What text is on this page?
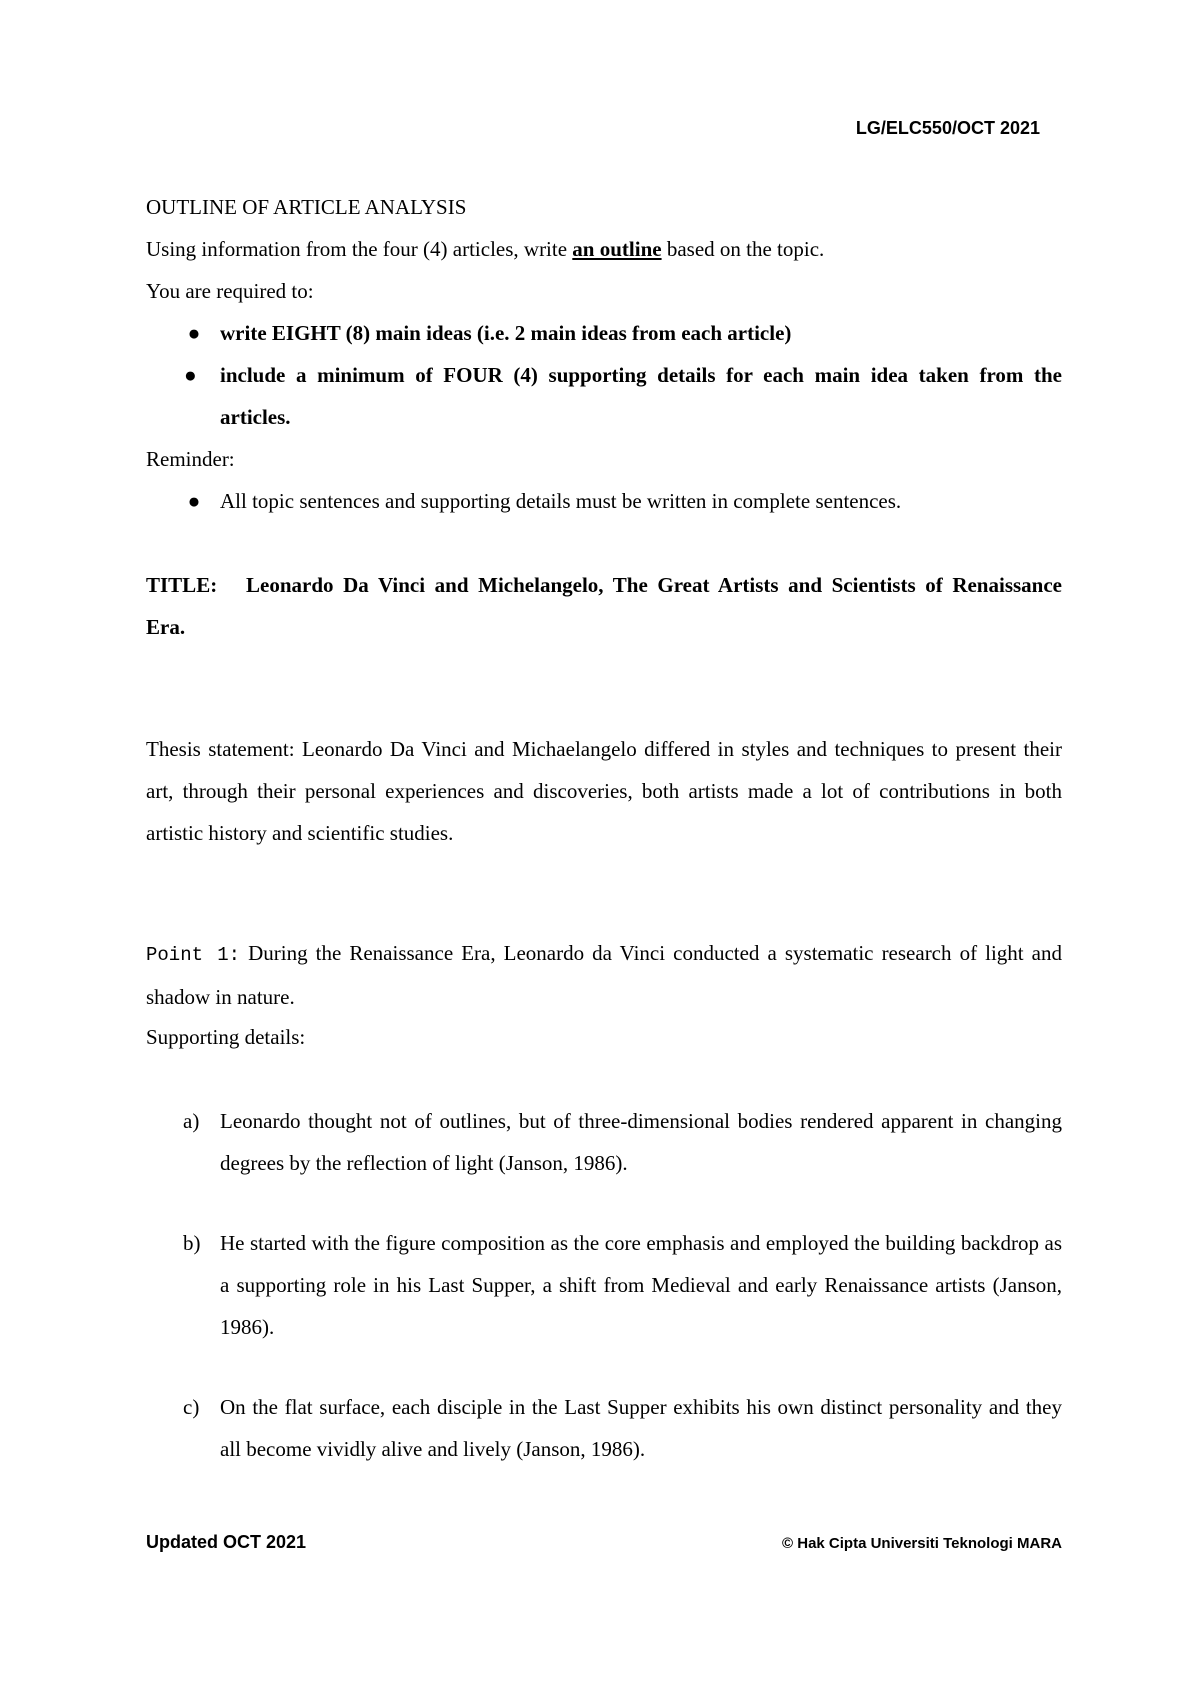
LG/ELC550/OCT 2021
OUTLINE OF ARTICLE ANALYSIS
Using information from the four (4) articles, write an outline based on the topic.
You are required to:
● write EIGHT (8) main ideas (i.e. 2 main ideas from each article)
●	include a minimum of FOUR (4) supporting details for each main idea taken from the articles.
Reminder:
● All topic sentences and supporting details must be written in complete sentences.
TITLE: Leonardo Da Vinci and Michelangelo, The Great Artists and Scientists of Renaissance Era.
Thesis statement: Leonardo Da Vinci and Michaelangelo differed in styles and techniques to present their art, through their personal experiences and discoveries, both artists made a lot of contributions in both artistic history and scientific studies.
Point 1: During the Renaissance Era, Leonardo da Vinci conducted a systematic research of light and shadow in nature.
Supporting details:
a) Leonardo thought not of outlines, but of three-dimensional bodies rendered apparent in changing degrees by the reflection of light (Janson, 1986).
b) He started with the figure composition as the core emphasis and employed the building backdrop as a supporting role in his Last Supper, a shift from Medieval and early Renaissance artists (Janson, 1986).
c) On the flat surface, each disciple in the Last Supper exhibits his own distinct personality and they all become vividly alive and lively (Janson, 1986).
Updated OCT 2021	© Hak Cipta Universiti Teknologi MARA
